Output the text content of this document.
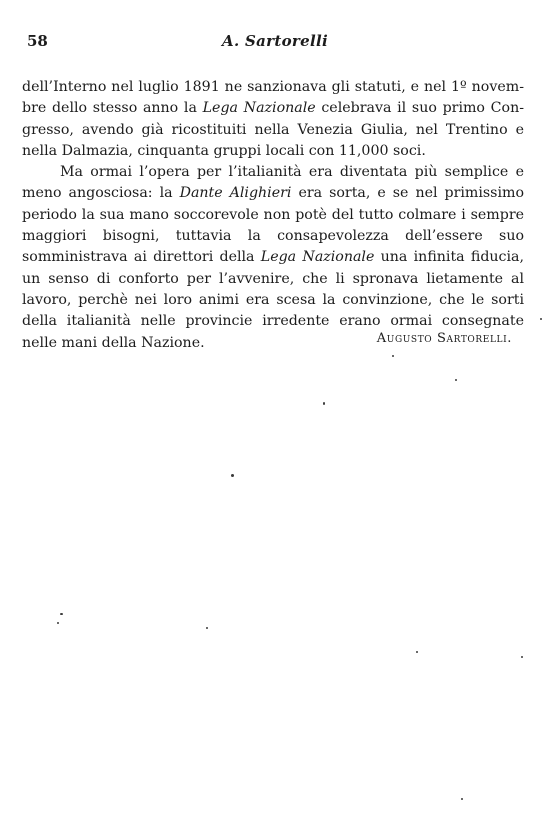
58	A. Sartorelli

dell’Interno nel luglio 1891 ne sanzionava gli statuti, e nel 1º novembre dello stesso anno la Lega Nazionale celebrava il suo primo Congresso, avendo già ricostituiti nella Venezia Giulia, nel Trentino e nella Dalmazia, cinquanta gruppi locali con 11,000 soci.

Ma ormai l’opera per l’italianità era diventata più semplice e meno angosciosa: la Dante Alighieri era sorta, e se nel primissimo periodo la sua mano soccorevole non potè del tutto colmare i sempre maggiori bisogni, tuttavia la consapevolezza dell’essere suo somministrava ai direttori della Lega Nazionale una infinita fiducia, un senso di conforto per l’avvenire, che li spronava lietamente al lavoro, perchè nei loro animi era scesa la convinzione, che le sorti della italianità nelle provincie irredente erano ormai consegnate nelle mani della Nazione.	Augusto Sartorelli.
